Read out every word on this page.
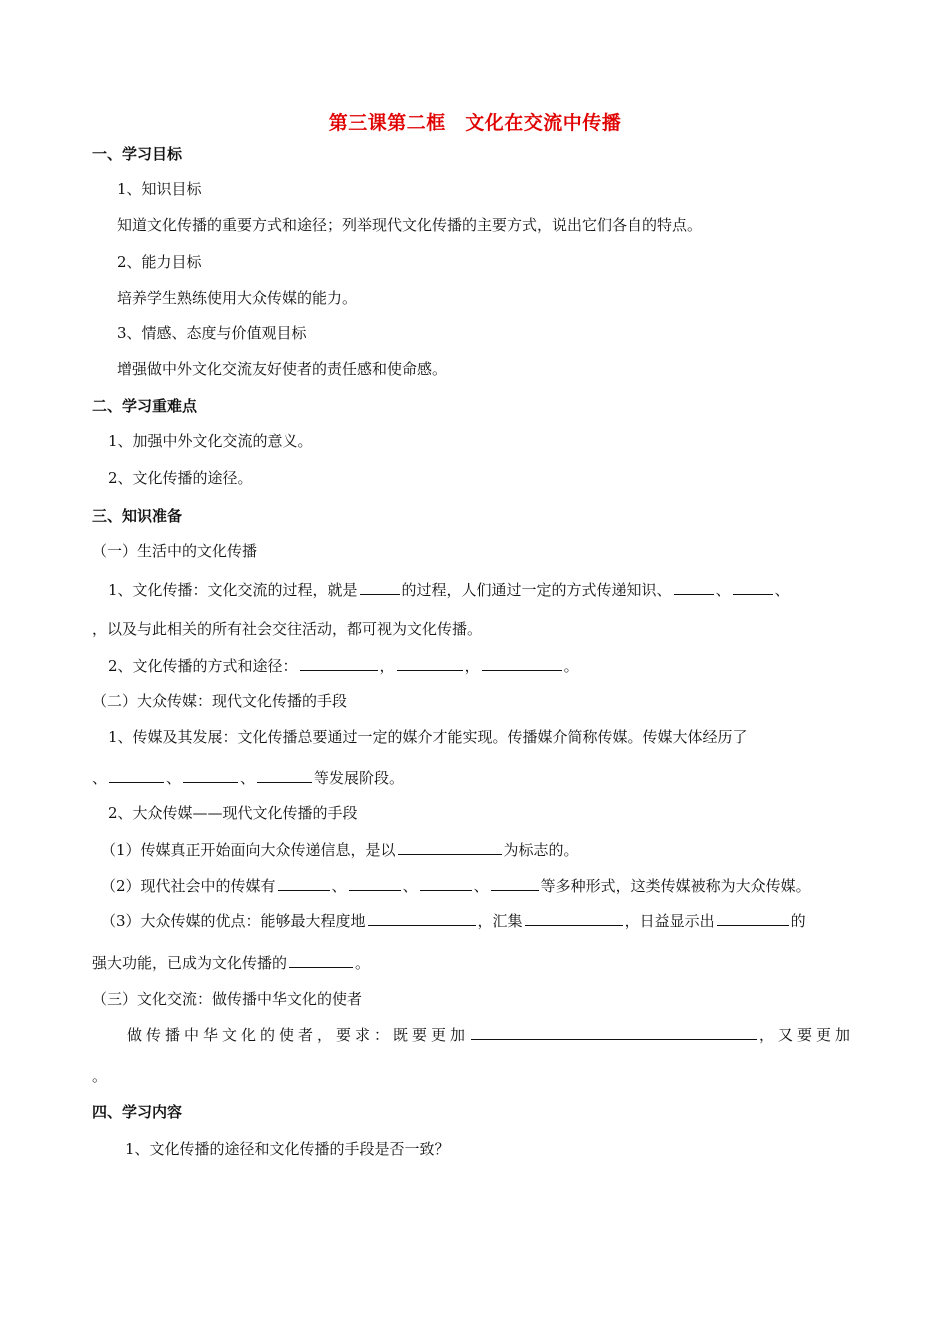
第三课第二框　文化在交流中传播
一、学习目标
1、知识目标
知道文化传播的重要方式和途径；列举现代文化传播的主要方式，说出它们各自的特点。
2、能力目标
培养学生熟练使用大众传媒的能力。
3、情感、态度与价值观目标
增强做中外文化交流友好使者的责任感和使命感。
二、学习重难点
1、加强中外文化交流的意义。
2、文化传播的途径。
三、知识准备
（一）生活中的文化传播
1、文化传播：文化交流的过程，就是	的过程，人们通过一定的方式传递知识、	、	、
，以及与此相关的所有社会交往活动，都可视为文化传播。
2、文化传播的方式和途径：	，	，	。
（二）大众传媒：现代文化传播的手段
1、传媒及其发展：文化传播总要通过一定的媒介才能实现。传播媒介简称传媒。传媒大体经历了
、	、	、	等发展阶段。
2、大众传媒——现代文化传播的手段
（1）传媒真正开始面向大众传递信息，是以	为标志的。
（2）现代社会中的传媒有	、	、	、	等多种形式，这类传媒被称为大众传媒。
（3）大众传媒的优点：能够最大程度地	，汇集	，日益显示出	的
强大功能，已成为文化传播的	。
（三）文化交流：做传播中华文化的使者
做传播中华文化的使者，要求：既要更加	，又要更加
。
四、学习内容
1、文化传播的途径和文化传播的手段是否一致？
